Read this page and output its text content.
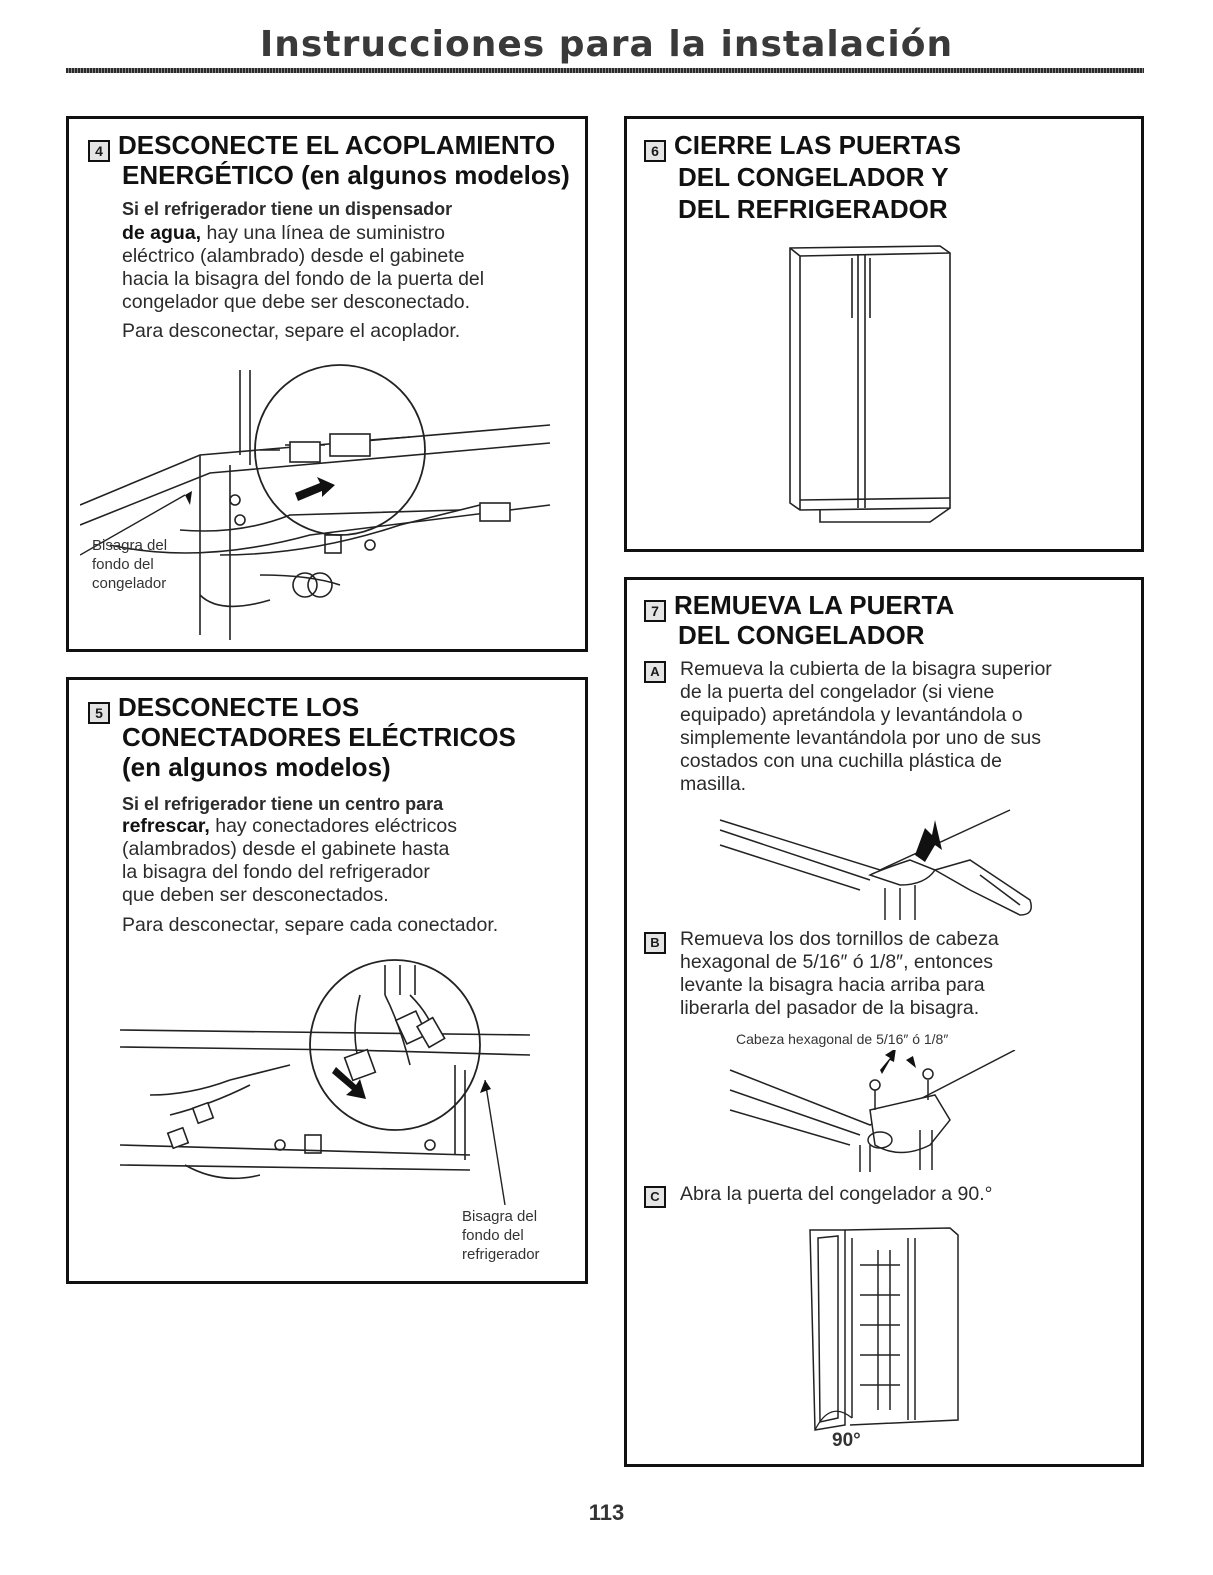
Instrucciones para la instalación
4 DESCONECTE EL ACOPLAMIENTO
ENERGÉTICO (en algunos modelos)
Si el refrigerador tiene un dispensador
de agua, hay una línea de suministro
eléctrico (alambrado) desde el gabinete
hacia la bisagra del fondo de la puerta del
congelador que debe ser desconectado.
Para desconectar, separe el acoplador.
Bisagra del
fondo del
congelador
5 DESCONECTE LOS
CONECTADORES ELÉCTRICOS
(en algunos modelos)
Si el refrigerador tiene un centro para
refrescar, hay conectadores eléctricos
(alambrados) desde el gabinete hasta
la bisagra del fondo del refrigerador
que deben ser desconectados.
Para desconectar, separe cada conectador.
Bisagra del
fondo del
refrigerador
6 CIERRE LAS PUERTAS
DEL CONGELADOR Y
DEL REFRIGERADOR
7 REMUEVA LA PUERTA
DEL CONGELADOR
A	Remueva la cubierta de la bisagra superior
de la puerta del congelador (si viene
equipado) apretándola y levantándola o
simplemente levantándola por uno de sus
costados con una cuchilla plástica de
masilla.
B	Remueva los dos tornillos de cabeza
hexagonal de 5/16″ ó 1/8″, entonces
levante la bisagra hacia arriba para
liberarla del pasador de la bisagra.
Cabeza hexagonal de 5/16″ ó 1/8″
C	Abra la puerta del congelador a 90.°
90°
113
